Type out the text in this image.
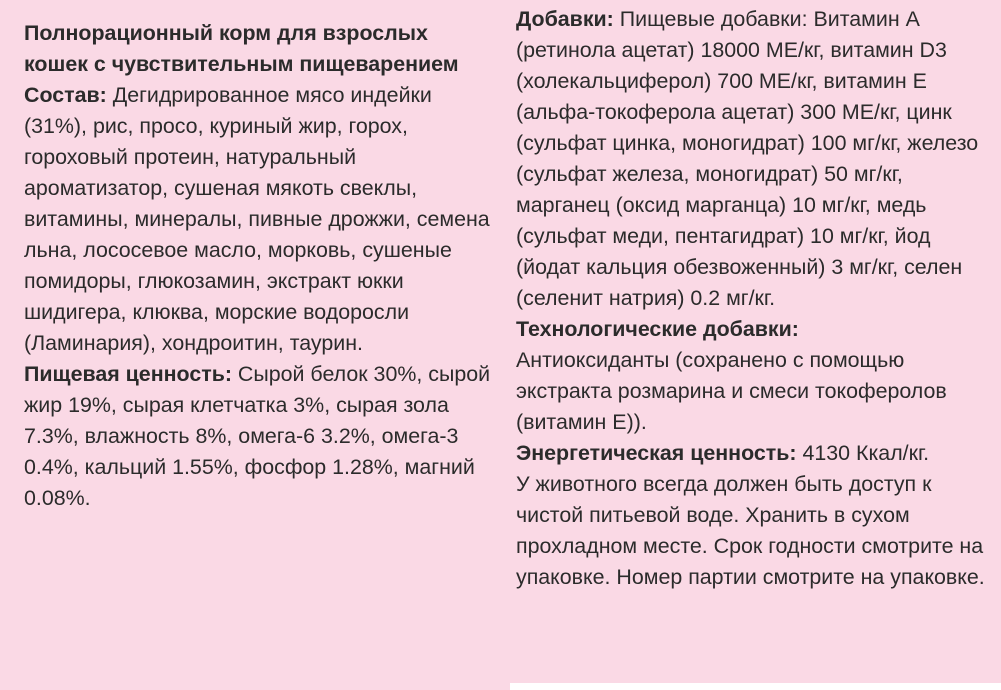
Полнорационный корм для взрослых кошек с чувствительным пищеварением
Состав: Дегидрированное мясо индейки (31%), рис, просо, куриный жир, горох, гороховый протеин, натуральный ароматизатор, сушеная мякоть свеклы, витамины, минералы, пивные дрожжи, семена льна, лососевое масло, морковь, сушеные помидоры, глюкозамин, экстракт юкки шидигера, клюква, морские водоросли (Ламинария), хондроитин, таурин.
Пищевая ценность: Сырой белок 30%, сырой жир 19%, сырая клетчатка 3%, сырая зола 7.3%, влажность 8%, омега-6 3.2%, омега-3 0.4%, кальций 1.55%, фосфор 1.28%, магний 0.08%.

Добавки: Пищевые добавки: Витамин А (ретинола ацетат) 18000 МЕ/кг, витамин D3 (холекальциферол) 700 МЕ/кг, витамин Е (альфа-токоферола ацетат) 300 МЕ/кг, цинк (сульфат цинка, моногидрат) 100 мг/кг, железо (сульфат железа, моногидрат) 50 мг/кг, марганец (оксид марганца) 10 мг/кг, медь (сульфат меди, пентагидрат) 10 мг/кг, йод (йодат кальция обезвоженный) 3 мг/кг, селен (селенит натрия) 0.2 мг/кг.

Технологические добавки:
Антиоксиданты (сохранено с помощью экстракта розмарина и смеси токоферолов (витамин Е)).
Энергетическая ценность: 4130 Ккал/кг.
У животного всегда должен быть доступ к чистой питьевой воде. Хранить в сухом прохладном месте. Срок годности смотрите на упаковке. Номер партии смотрите на упаковке.
